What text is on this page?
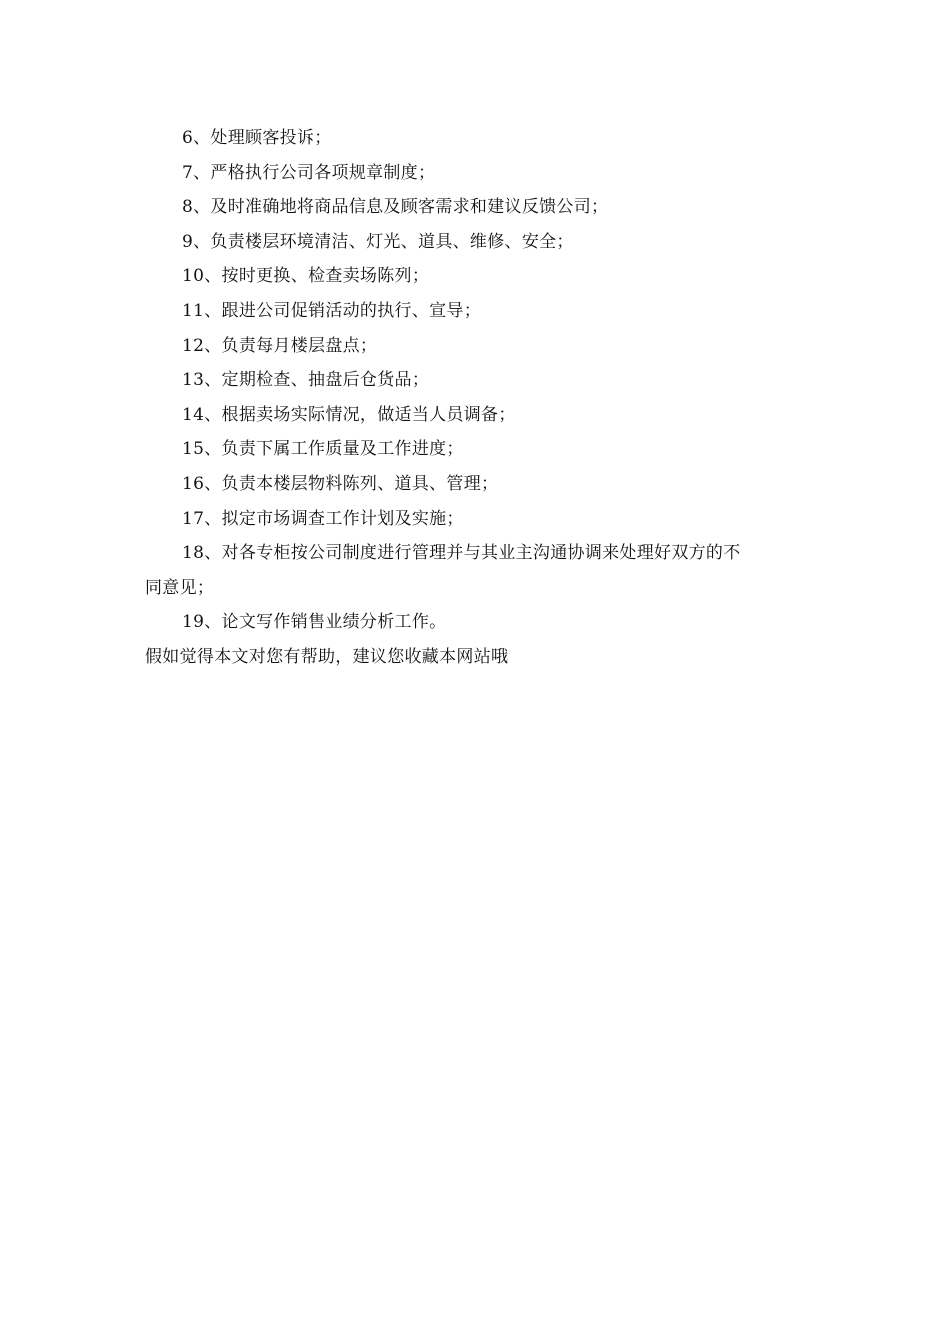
6、处理顾客投诉；
7、严格执行公司各项规章制度；
8、及时准确地将商品信息及顾客需求和建议反馈公司；
9、负责楼层环境清洁、灯光、道具、维修、安全；
10、按时更换、检查卖场陈列；
11、跟进公司促销活动的执行、宣导；
12、负责每月楼层盘点；
13、定期检查、抽盘后仓货品；
14、根据卖场实际情况，做适当人员调备；
15、负责下属工作质量及工作进度；
16、负责本楼层物料陈列、道具、管理；
17、拟定市场调查工作计划及实施；
18、对各专柜按公司制度进行管理并与其业主沟通协调来处理好双方的不
同意见；
19、论文写作销售业绩分析工作。
假如觉得本文对您有帮助，建议您收藏本网站哦
